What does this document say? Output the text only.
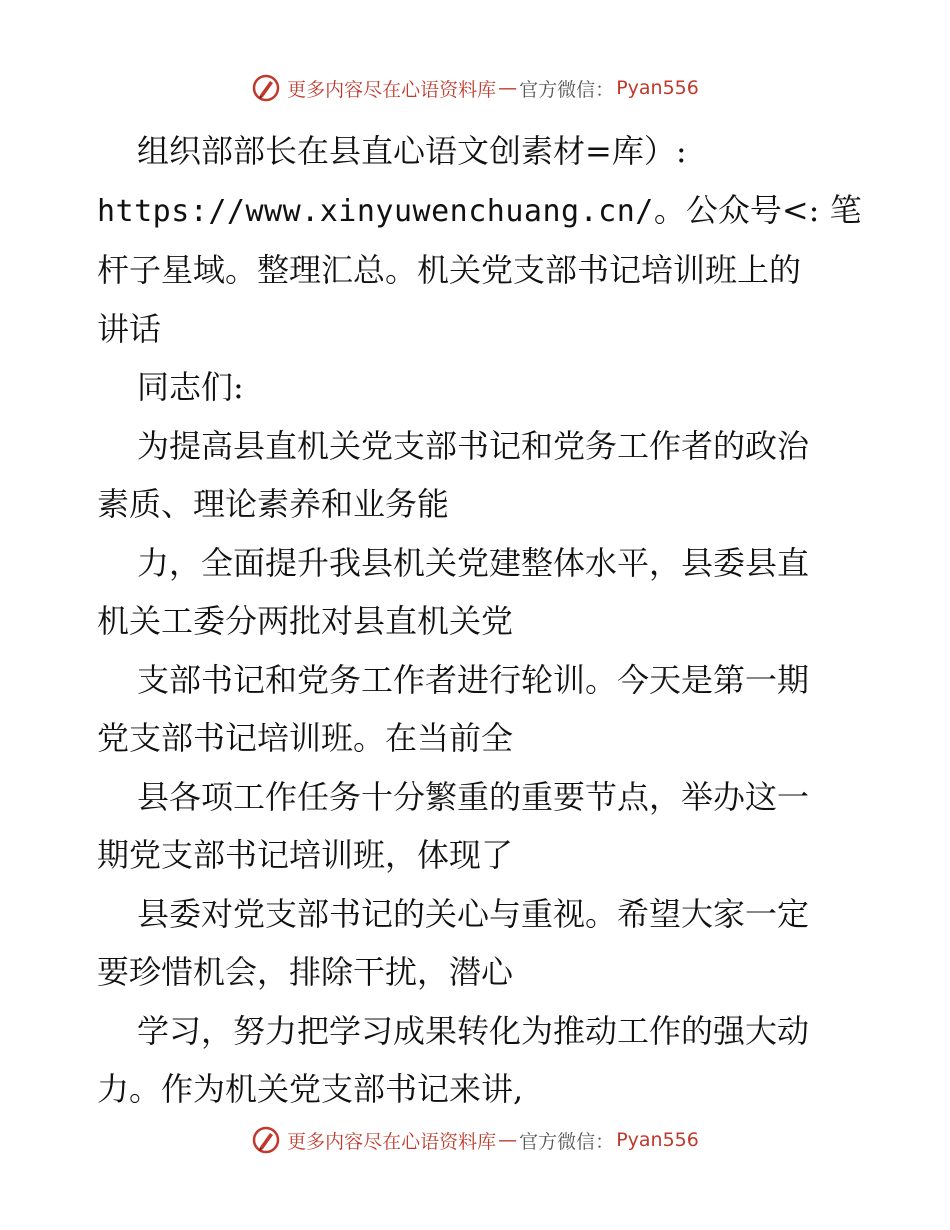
更多内容尽在心语资料库 — 官方微信： Pyan556
组织部部长在县直心语文创素材=库）:
https://www.xinyuwenchuang.cn/。公众号<: 笔
杆子星域。整理汇总。机关党支部书记培训班上的
讲话
同志们:
为提高县直机关党支部书记和党务工作者的政治
素质、理论素养和业务能
力，全面提升我县机关党建整体水平，县委县直
机关工委分两批对县直机关党
支部书记和党务工作者进行轮训。今天是第一期
党支部书记培训班。在当前全
县各项工作任务十分繁重的重要节点，举办这一
期党支部书记培训班，体现了
县委对党支部书记的关心与重视。希望大家一定
要珍惜机会，排除干扰，潜心
学习，努力把学习成果转化为推动工作的强大动
力。作为机关党支部书记来讲,
更多内容尽在心语资料库 — 官方微信： Pyan556
